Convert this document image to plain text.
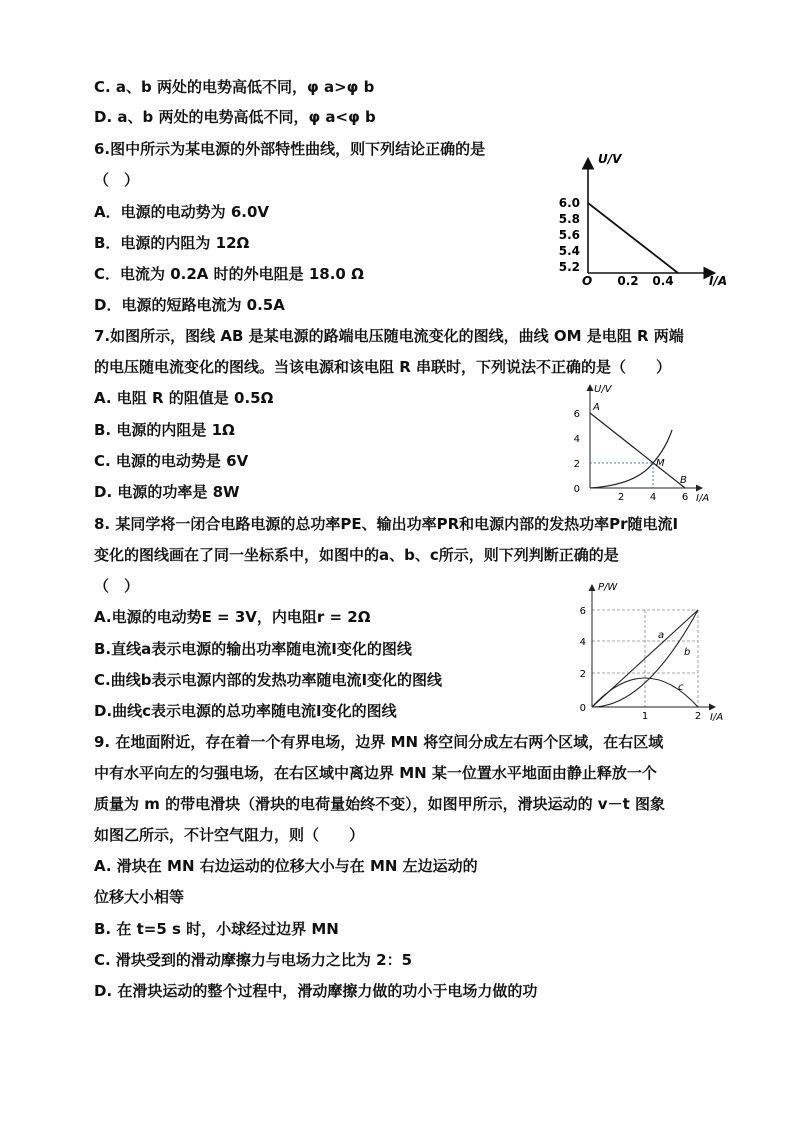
C. a、b 两处的电势高低不同，φ a>φ b
D. a、b 两处的电势高低不同，φ a<φ b
6.图中所示为某电源的外部特性曲线，则下列结论正确的是
（　）
A．电源的电动势为 6.0V
B．电源的内阻为 12Ω
C．电流为 0.2A 时的外电阻是 18.0 Ω
D．电源的短路电流为 0.5A
7.如图所示，图线 AB 是某电源的路端电压随电流变化的图线，曲线 OM 是电阻 R 两端
的电压随电流变化的图线。当该电源和该电阻 R 串联时，下列说法不正确的是（　　）
A. 电阻 R 的阻值是 0.5Ω
B. 电源的内阻是 1Ω
C. 电源的电动势是 6V
D. 电源的功率是 8W
8. 某同学将一闭合电路电源的总功率PE、输出功率PR和电源内部的发热功率Pr随电流I
变化的图线画在了同一坐标系中，如图中的a、b、c所示，则下列判断正确的是
（　）
A.电源的电动势E = 3V，内电阻r = 2Ω
B.直线a表示电源的输出功率随电流I变化的图线
C.曲线b表示电源内部的发热功率随电流I变化的图线
D.曲线c表示电源的总功率随电流I变化的图线
9. 在地面附近，存在着一个有界电场，边界 MN 将空间分成左右两个区域，在右区域
中有水平向左的匀强电场，在右区域中离边界 MN 某一位置水平地面由静止释放一个
质量为 m 的带电滑块（滑块的电荷量始终不变），如图甲所示，滑块运动的 v－t 图象
如图乙所示，不计空气阻力，则（　　）
A. 滑块在 MN 右边运动的位移大小与在 MN 左边运动的
位移大小相等
B. 在 t=5 s 时，小球经过边界 MN
C. 滑块受到的滑动摩擦力与电场力之比为 2：5
D. 在滑块运动的整个过程中，滑动摩擦力做的功小于电场力做的功
U/V
I/A
O
6.0
5.8
5.6
5.4
5.2
0.2 0.4
U/V
I/A
A
B
M
6
4
2
0
2	4	6
P/W
I/A
a
b
c
6
4
2
0
1	2
